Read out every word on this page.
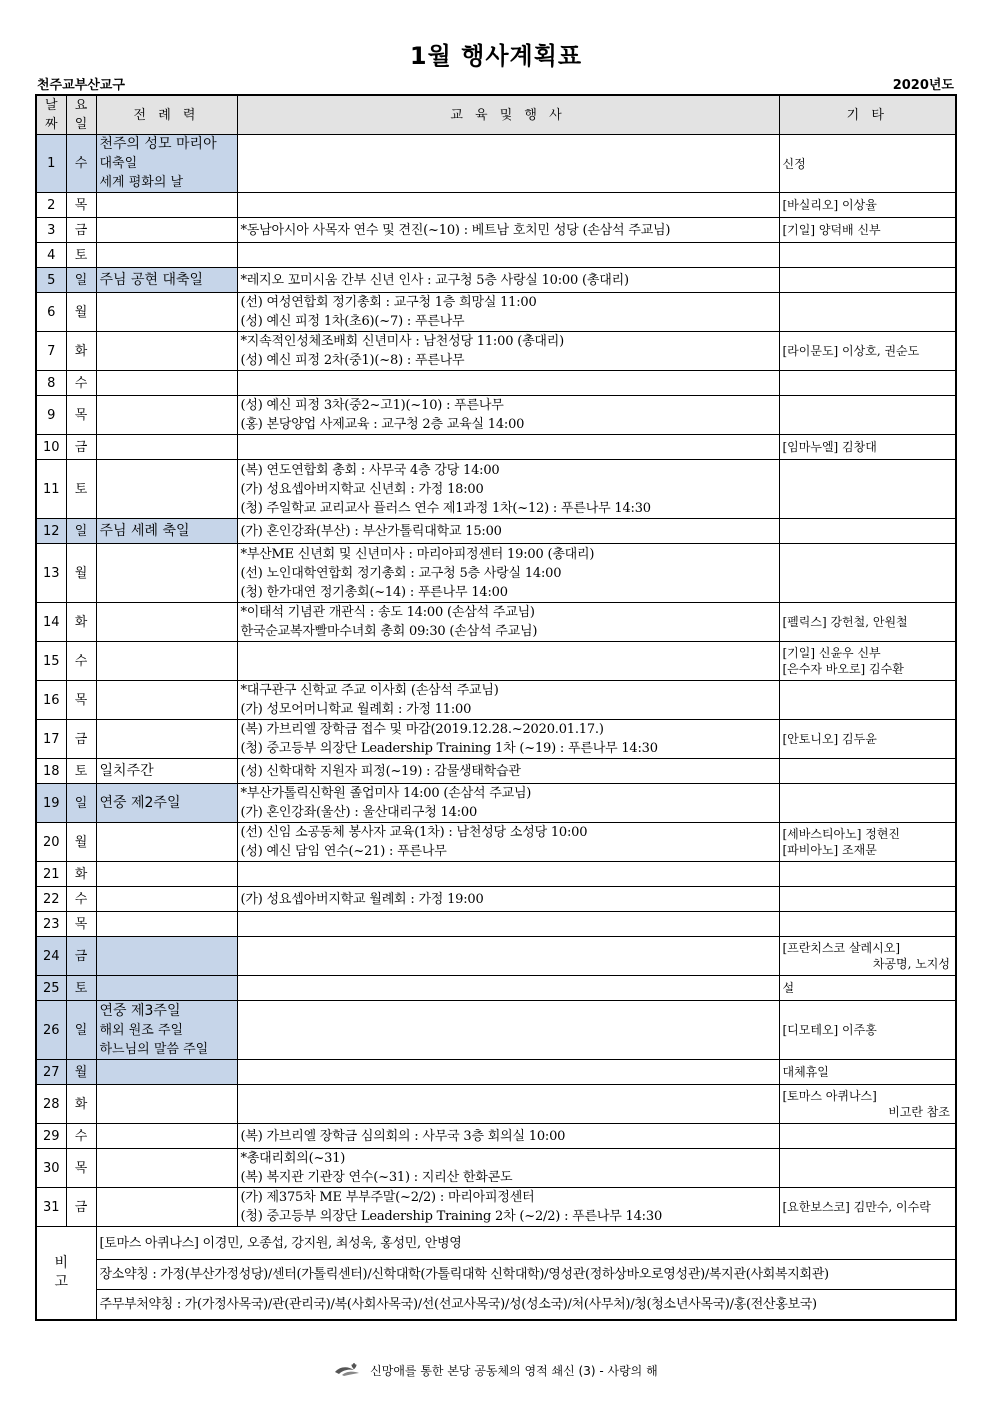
1월 행사계획표
천주교부산교구	2020년도
날짜	요일	전 례 력	교 육 및 행 사	기 타
1	수	천주의 성모 마리아
대축일
세계 평화의 날		신정

2	목			[바실리오] 이상율

3	금		*동남아시아 사목자 연수 및 견진(~10) : 베트남 호치민 성당 (손삼석 주교님)	[기일] 양덕배 신부

4	토			
5	일	주님 공현 대축일	*레지오 꼬미시움 간부 신년 인사 : 교구청 5층 사랑실 10:00 (총대리)	

6	월		(선) 여성연합회 정기총회 : 교구청 1층 희망실 11:00
(성) 예신 피정 1차(초6)(~7) : 푸른나무	

7	화		*지속적인성체조배회 신년미사 : 남천성당 11:00 (총대리)
(성) 예신 피정 2차(중1)(~8) : 푸른나무	[라이문도] 이상호, 권순도

8	수			
9	목		(성) 예신 피정 3차(중2~고1)(~10) : 푸른나무
(홍) 본당양업 사제교육 : 교구청 2층 교육실 14:00	

10	금			[임마누엘] 김창대

11	토		(복) 연도연합회 총회 : 사무국 4층 강당 14:00
(가) 성요셉아버지학교 신년회 : 가정 18:00
(청) 주일학교 교리교사 플러스 연수 제1과정 1차(~12) : 푸른나무 14:30	

12	일	주님 세례 축일	(가) 혼인강좌(부산) : 부산가톨릭대학교 15:00	

13	월		*부산ME 신년회 및 신년미사 : 마리아피정센터 19:00 (총대리)
(선) 노인대학연합회 정기총회 : 교구청 5층 사랑실 14:00
(청) 한가대연 정기총회(~14) : 푸른나무 14:00	

14	화		*이태석 기념관 개관식 : 송도 14:00 (손삼석 주교님)
한국순교복자빨마수녀회 총회 09:30 (손삼석 주교님)	[펠릭스] 강헌철, 안원철

15	수			[기일] 신윤우 신부
[은수자 바오로] 김수환

16	목		*대구관구 신학교 주교 이사회 (손삼석 주교님)
(가) 성모어머니학교 월례회 : 가정 11:00	

17	금		(복) 가브리엘 장학금 접수 및 마감(2019.12.28.~2020.01.17.)
(청) 중고등부 의장단 Leadership Training 1차 (~19) : 푸른나무 14:30	[안토니오] 김두윤

18	토	일치주간	(성) 신학대학 지원자 피정(~19) : 감물생태학습관	

19	일	연중 제2주일	*부산가톨릭신학원 졸업미사 14:00 (손삼석 주교님)
(가) 혼인강좌(울산) : 울산대리구청 14:00	

20	월		(선) 신임 소공동체 봉사자 교육(1차) : 남천성당 소성당 10:00
(성) 예신 담임 연수(~21) : 푸른나무	[세바스티아노] 정현진
[파비아노] 조재문

21	화			
22	수		(가) 성요셉아버지학교 월례회 : 가정 19:00	

23	목			
24	금			[프란치스코 살레시오]
차공명, 노지성

25	토			설

26	일	연중 제3주일
해외 원조 주일
하느님의 말씀 주일		[디모테오] 이주홍

27	월			대체휴일

28	화			[토마스 아퀴나스]
비고란 참조

29	수		(복) 가브리엘 장학금 심의회의 : 사무국 3층 회의실 10:00	

30	목		*총대리회의(~31)
(복) 복지관 기관장 연수(~31) : 지리산 한화콘도	

31	금		(가) 제375차 ME 부부주말(~2/2) : 마리아피정센터
(청) 중고등부 의장단 Leadership Training 2차 (~2/2) : 푸른나무 14:30	[요한보스코] 김만수, 이수락

비 고		[토마스 아퀴나스] 이경민, 오종섭, 강지원, 최성욱, 홍성민, 안병영		
		장소약칭 : 가정(부산가정성당)/센터(가톨릭센터)/신학대학(가톨릭대학 신학대학)/영성관(정하상바오로영성관)/복지관(사회복지회관)		
		주무부처약칭 : 가(가정사목국)/관(관리국)/복(사회사목국)/선(선교사목국)/성(성소국)/처(사무처)/청(청소년사목국)/홍(전산홍보국)		
신망애를 통한 본당 공동체의 영적 쇄신 (3) - 사랑의 해
